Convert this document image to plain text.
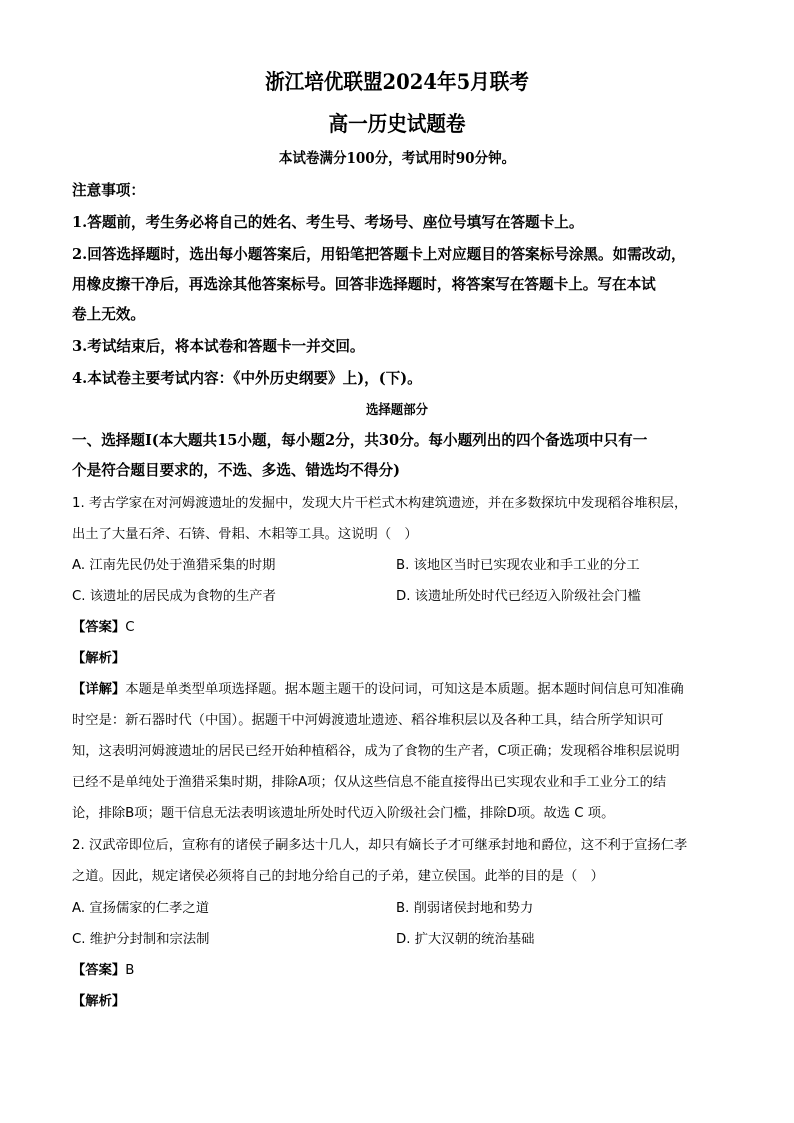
浙江培优联盟2024年5月联考
高一历史试题卷
本试卷满分100分，考试用时90分钟。
注意事项：
1.答题前，考生务必将自己的姓名、考生号、考场号、座位号填写在答题卡上。
2.回答选择题时，选出每小题答案后，用铅笔把答题卡上对应题目的答案标号涂黑。如需改动，
用橡皮擦干净后，再选涂其他答案标号。回答非选择题时，将答案写在答题卡上。写在本试
卷上无效。
3.考试结束后，将本试卷和答题卡一并交回。
4.本试卷主要考试内容：《中外历史纲要》上)，(下)。
选择题部分
一、选择题Ⅰ(本大题共15小题，每小题2分，共30分。每小题列出的四个备选项中只有一
个是符合题目要求的，不选、多选、错选均不得分)
1. 考古学家在对河姆渡遗址的发掘中，发现大片干栏式木构建筑遗迹，并在多数探坑中发现稻谷堆积层，
出土了大量石斧、石锛、骨耜、木耜等工具。这说明（　）
A. 江南先民仍处于渔猎采集的时期	B. 该地区当时已实现农业和手工业的分工
C. 该遗址的居民成为食物的生产者	D. 该遗址所处时代已经迈入阶级社会门槛
【答案】C
【解析】
【详解】本题是单类型单项选择题。据本题主题干的设问词，可知这是本质题。据本题时间信息可知准确
时空是：新石器时代（中国）。据题干中河姆渡遗址遗迹、稻谷堆积层以及各种工具，结合所学知识可
知，这表明河姆渡遗址的居民已经开始种植稻谷，成为了食物的生产者，C项正确；发现稻谷堆积层说明
已经不是单纯处于渔猎采集时期，排除A项；仅从这些信息不能直接得出已实现农业和手工业分工的结
论，排除B项；题干信息无法表明该遗址所处时代迈入阶级社会门槛，排除D项。故选 C 项。
2. 汉武帝即位后，宣称有的诸侯子嗣多达十几人，却只有嫡长子才可继承封地和爵位，这不利于宣扬仁孝
之道。因此，规定诸侯必须将自己的封地分给自己的子弟，建立侯国。此举的目的是（　）
A. 宣扬儒家的仁孝之道	B. 削弱诸侯封地和势力
C. 维护分封制和宗法制	D. 扩大汉朝的统治基础
【答案】B
【解析】
